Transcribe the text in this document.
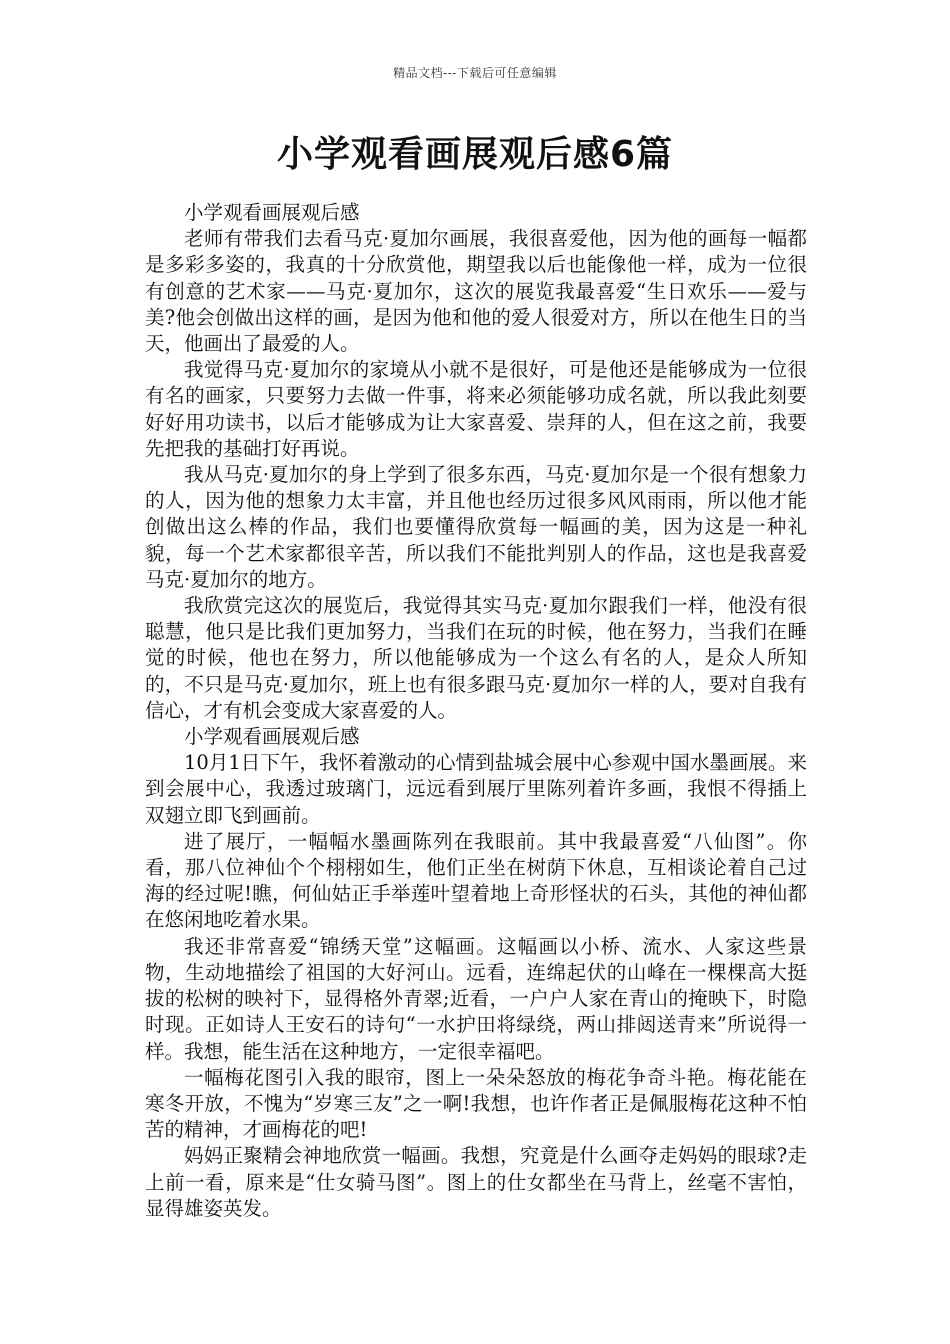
精品文档---下载后可任意编辑
小学观看画展观后感6篇

小学观看画展观后感

老师有带我们去看马克·夏加尔画展，我很喜爱他，因为他的画每一幅都是多彩多姿的，我真的十分欣赏他，期望我以后也能像他一样，成为一位很有创意的艺术家——马克·夏加尔，这次的展览我最喜爱“生日欢乐——爱与美?他会创做出这样的画，是因为他和他的爱人很爱对方，所以在他生日的当天，他画出了最爱的人。

我觉得马克·夏加尔的家境从小就不是很好，可是他还是能够成为一位很有名的画家，只要努力去做一件事，将来必须能够功成名就，所以我此刻要好好用功读书，以后才能够成为让大家喜爱、崇拜的人，但在这之前，我要先把我的基础打好再说。

我从马克·夏加尔的身上学到了很多东西，马克·夏加尔是一个很有想象力的人，因为他的想象力太丰富，并且他也经历过很多风风雨雨，所以他才能创做出这么棒的作品，我们也要懂得欣赏每一幅画的美，因为这是一种礼貌，每一个艺术家都很辛苦，所以我们不能批判别人的作品，这也是我喜爱马克·夏加尔的地方。

我欣赏完这次的展览后，我觉得其实马克·夏加尔跟我们一样，他没有很聪慧，他只是比我们更加努力，当我们在玩的时候，他在努力，当我们在睡觉的时候，他也在努力，所以他能够成为一个这么有名的人，是众人所知的，不只是马克·夏加尔，班上也有很多跟马克·夏加尔一样的人，要对自我有信心，才有机会变成大家喜爱的人。

小学观看画展观后感

10月1日下午，我怀着激动的心情到盐城会展中心参观中国水墨画展。来到会展中心，我透过玻璃门，远远看到展厅里陈列着许多画，我恨不得插上双翅立即飞到画前。

进了展厅，一幅幅水墨画陈列在我眼前。其中我最喜爱“八仙图”。你看，那八位神仙个个栩栩如生，他们正坐在树荫下休息，互相谈论着自己过海的经过呢!瞧，何仙姑正手举莲叶望着地上奇形怪状的石头，其他的神仙都在悠闲地吃着水果。

我还非常喜爱“锦绣天堂”这幅画。这幅画以小桥、流水、人家这些景物，生动地描绘了祖国的大好河山。远看，连绵起伏的山峰在一棵棵高大挺拔的松树的映衬下，显得格外青翠;近看，一户户人家在青山的掩映下，时隐时现。正如诗人王安石的诗句“一水护田将绿绕，两山排闼送青来”所说得一样。我想，能生活在这种地方，一定很幸福吧。

一幅梅花图引入我的眼帘，图上一朵朵怒放的梅花争奇斗艳。梅花能在寒冬开放，不愧为“岁寒三友”之一啊!我想，也许作者正是佩服梅花这种不怕苦的精神，才画梅花的吧!

妈妈正聚精会神地欣赏一幅画。我想，究竟是什么画夺走妈妈的眼球?走上前一看，原来是“仕女骑马图”。图上的仕女都坐在马背上，丝毫不害怕，显得雄姿英发。
